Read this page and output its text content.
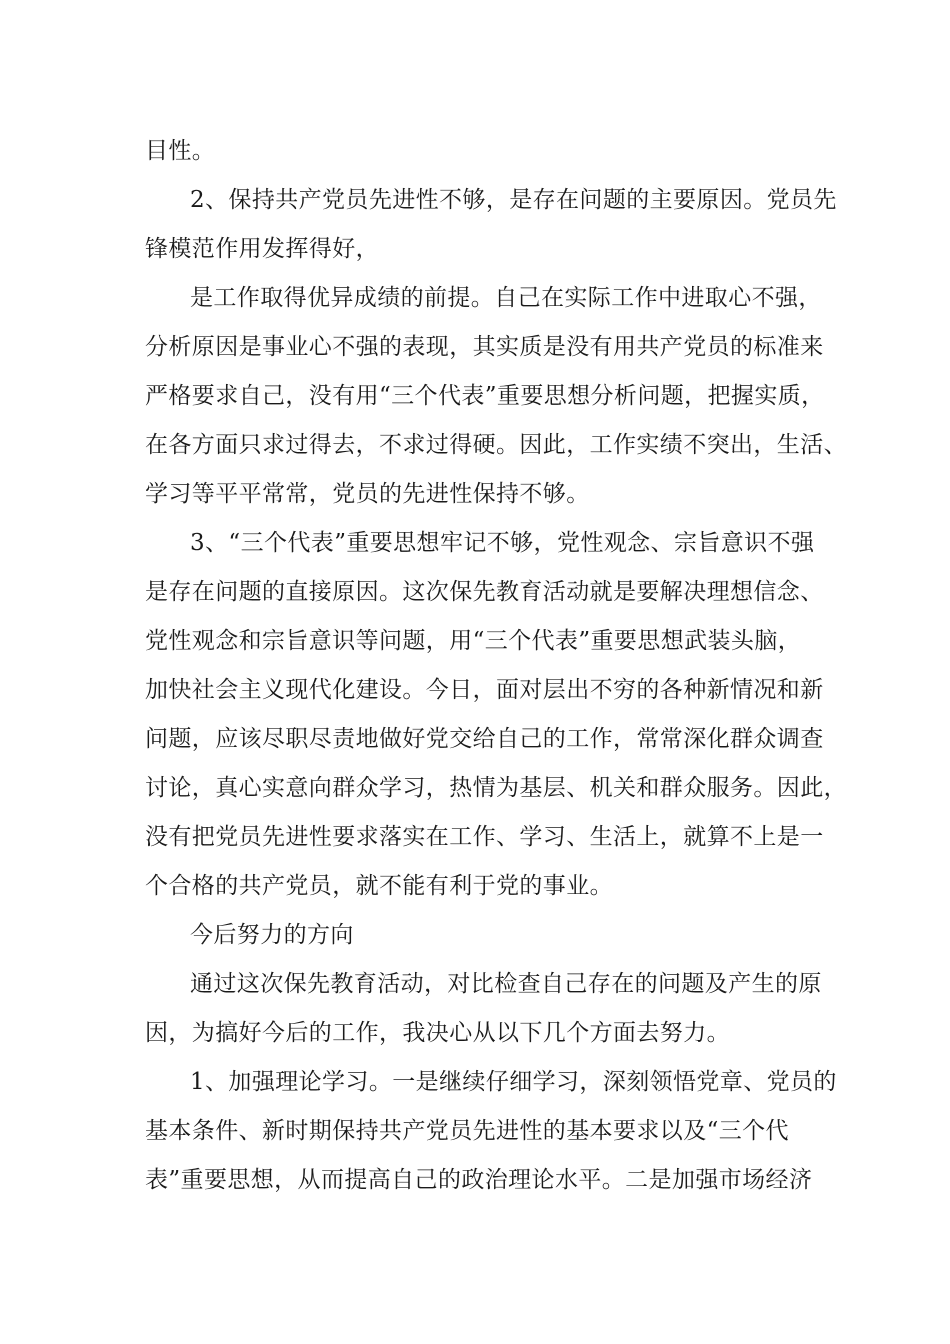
目性。
2、保持共产党员先进性不够，是存在问题的主要原因。党员先
锋模范作用发挥得好，
是工作取得优异成绩的前提。自己在实际工作中进取心不强，
分析原因是事业心不强的表现，其实质是没有用共产党员的标准来
严格要求自己，没有用“三个代表”重要思想分析问题，把握实质，
在各方面只求过得去，不求过得硬。因此，工作实绩不突出，生活、
学习等平平常常，党员的先进性保持不够。
3、“三个代表”重要思想牢记不够，党性观念、宗旨意识不强
是存在问题的直接原因。这次保先教育活动就是要解决理想信念、
党性观念和宗旨意识等问题，用“三个代表”重要思想武装头脑，
加快社会主义现代化建设。今日，面对层出不穷的各种新情况和新
问题，应该尽职尽责地做好党交给自己的工作，常常深化群众调查
讨论，真心实意向群众学习，热情为基层、机关和群众服务。因此，
没有把党员先进性要求落实在工作、学习、生活上，就算不上是一
个合格的共产党员，就不能有利于党的事业。
今后努力的方向
通过这次保先教育活动，对比检查自己存在的问题及产生的原
因，为搞好今后的工作，我决心从以下几个方面去努力。
1、加强理论学习。一是继续仔细学习，深刻领悟党章、党员的
基本条件、新时期保持共产党员先进性的基本要求以及“三个代
表”重要思想，从而提高自己的政治理论水平。二是加强市场经济
